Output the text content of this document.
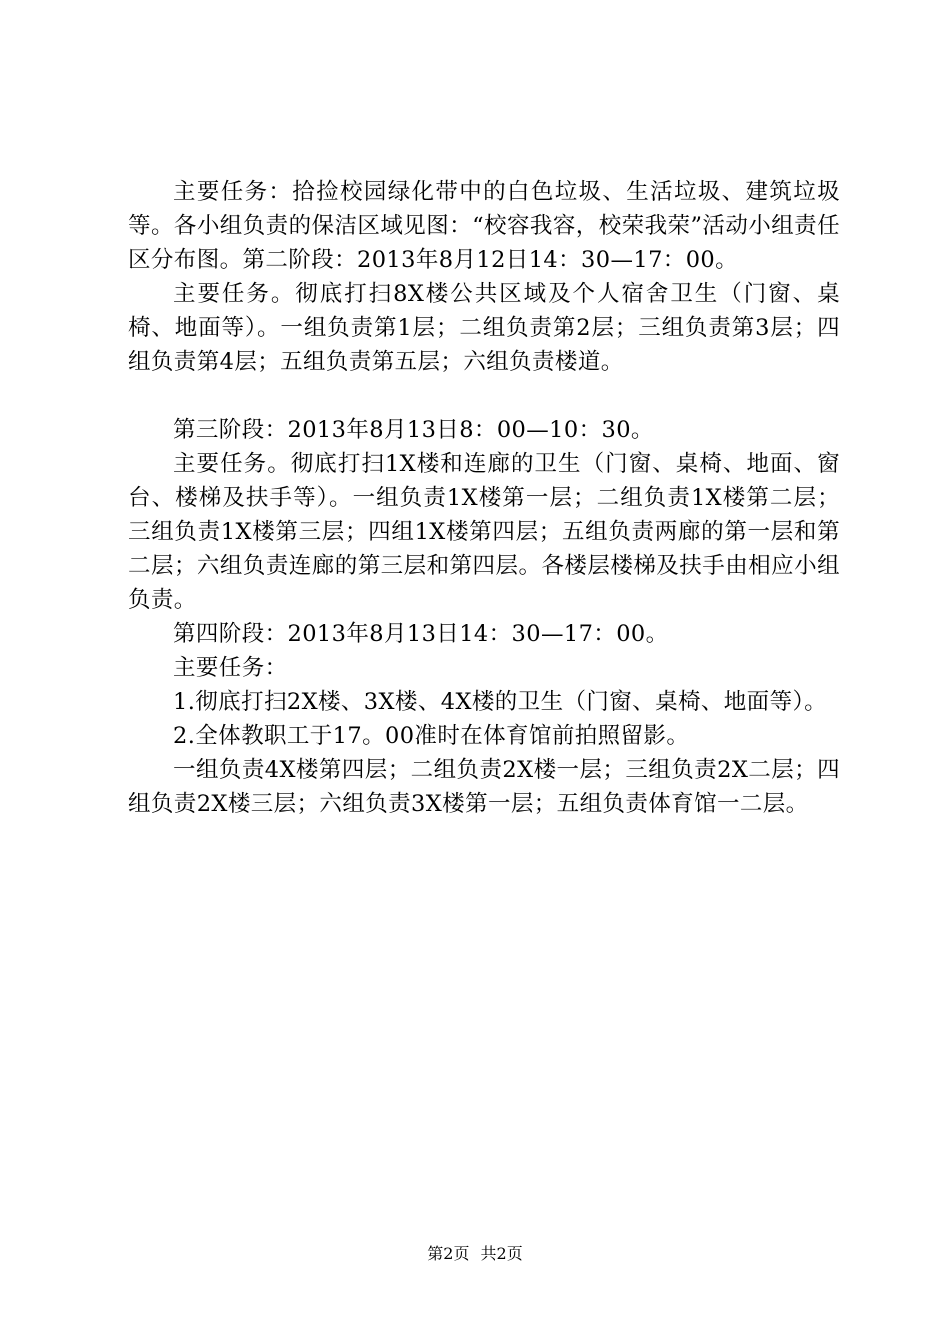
主要任务：拾捡校园绿化带中的白色垃圾、生活垃圾、建筑垃圾等。各小组负责的保洁区域见图：“校容我容，校荣我荣”活动小组责任区分布图。第二阶段：2013年8月12日14：30—17：00。

主要任务。彻底打扫8X楼公共区域及个人宿舍卫生（门窗、桌椅、地面等）。一组负责第1层；二组负责第2层；三组负责第3层；四组负责第4层；五组负责第五层；六组负责楼道。

第三阶段：2013年8月13日8：00—10：30。

主要任务。彻底打扫1X楼和连廊的卫生（门窗、桌椅、地面、窗台、楼梯及扶手等）。一组负责1X楼第一层；二组负责1X楼第二层；三组负责1X楼第三层；四组1X楼第四层；五组负责两廊的第一层和第二层；六组负责连廊的第三层和第四层。各楼层楼梯及扶手由相应小组负责。

第四阶段：2013年8月13日14：30—17：00。

主要任务：

1.彻底打扫2X楼、3X楼、4X楼的卫生（门窗、桌椅、地面等）。

2.全体教职工于17。00准时在体育馆前拍照留影。

一组负责4X楼第四层；二组负责2X楼一层；三组负责2X二层；四组负责2X楼三层；六组负责3X楼第一层；五组负责体育馆一二层。

第2页 共2页
